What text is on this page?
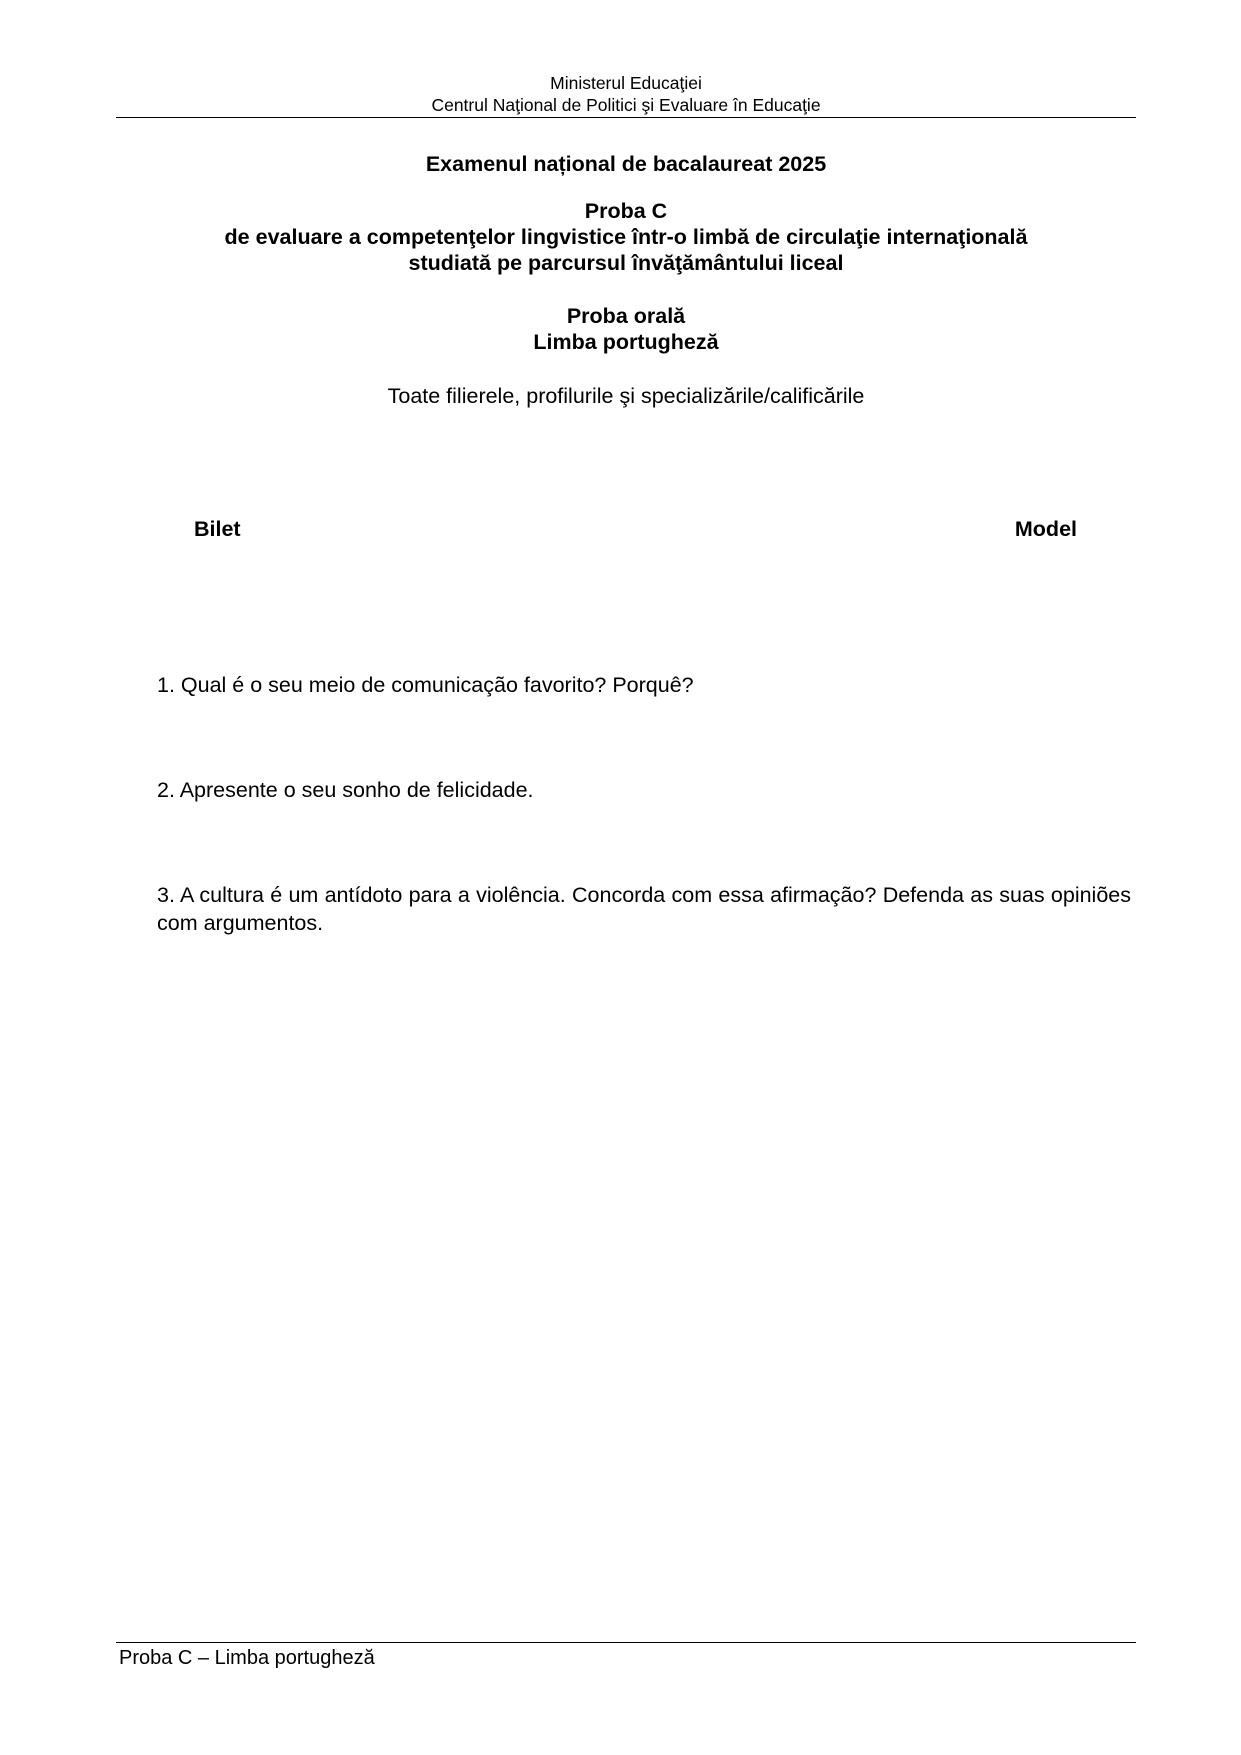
Ministerul Educaţiei
Centrul Naţional de Politici şi Evaluare în Educaţie
Examenul național de bacalaureat 2025
Proba C
de evaluare a competenţelor lingvistice într-o limbă de circulaţie internaţională
studiată pe parcursul învăţământului liceal
Proba orală
Limba portugheză
Toate filierele, profilurile şi specializările/calificările
Bilet	Model
1. Qual é o seu meio de comunicação favorito? Porquê?
2. Apresente o seu sonho de felicidade.
3. A cultura é um antídoto para a violência. Concorda com essa afirmação? Defenda as suas opiniões com argumentos.
Proba C – Limba portugheză
